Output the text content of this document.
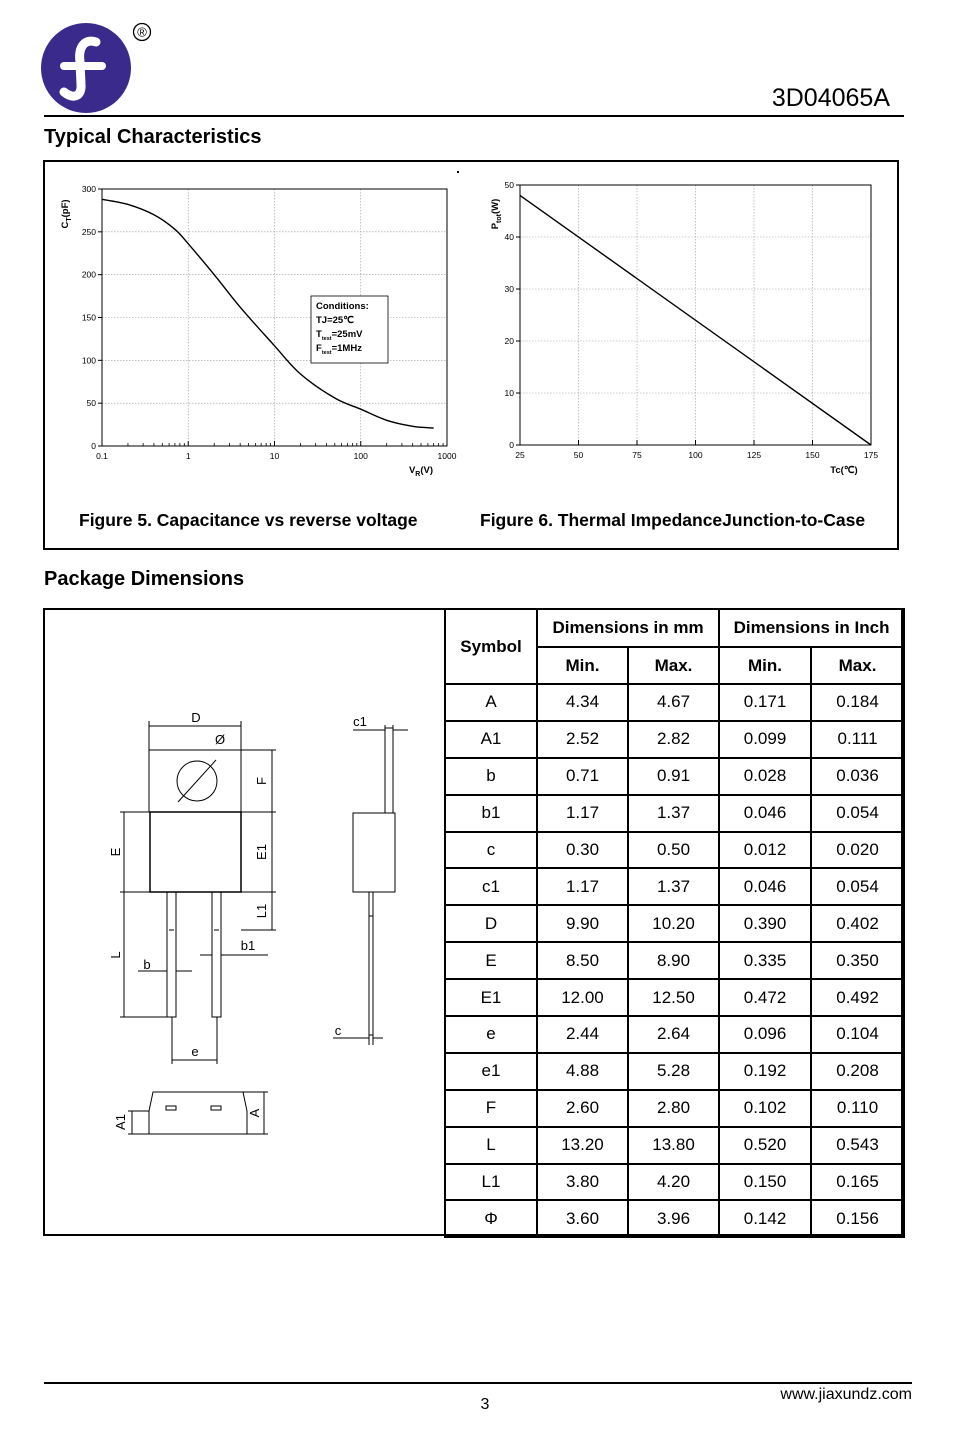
®
3D04065A
Typical Characteristics
0.1	1	10	100	1000
0
50
100
150
200
250
300
$C_T(pF)$
$V_R(V)$
Conditions:
TJ=25℃
$T_{test}=25mV$
$F_{test}=1MHz$
25	50	75	100	125	150	175
0
10
20
30
40
50
$P_{tot}(W)$
Tc(℃)
Figure 5. Capacitance vs reverse voltage	Figure 6. Thermal ImpedanceJunction-to-Case
Package Dimensions
D
Ø
c1
F
E1
E
L1
b1
L
b
c
e
A1
A
Symbol	Dimensions in mm		Dimensions in Inch	
	Min.	Max.	Min.	Max.
A	4.34	4.67	0.171	0.184
A1	2.52	2.82	0.099	0.111
b	0.71	0.91	0.028	0.036
b1	1.17	1.37	0.046	0.054
c	0.30	0.50	0.012	0.020
c1	1.17	1.37	0.046	0.054
D	9.90	10.20	0.390	0.402
E	8.50	8.90	0.335	0.350
E1	12.00	12.50	0.472	0.492
e	2.44	2.64	0.096	0.104
e1	4.88	5.28	0.192	0.208
F	2.60	2.80	0.102	0.110
L	13.20	13.80	0.520	0.543
L1	3.80	4.20	0.150	0.165
Φ	3.60	3.96	0.142	0.156
3
www.jiaxundz.com
